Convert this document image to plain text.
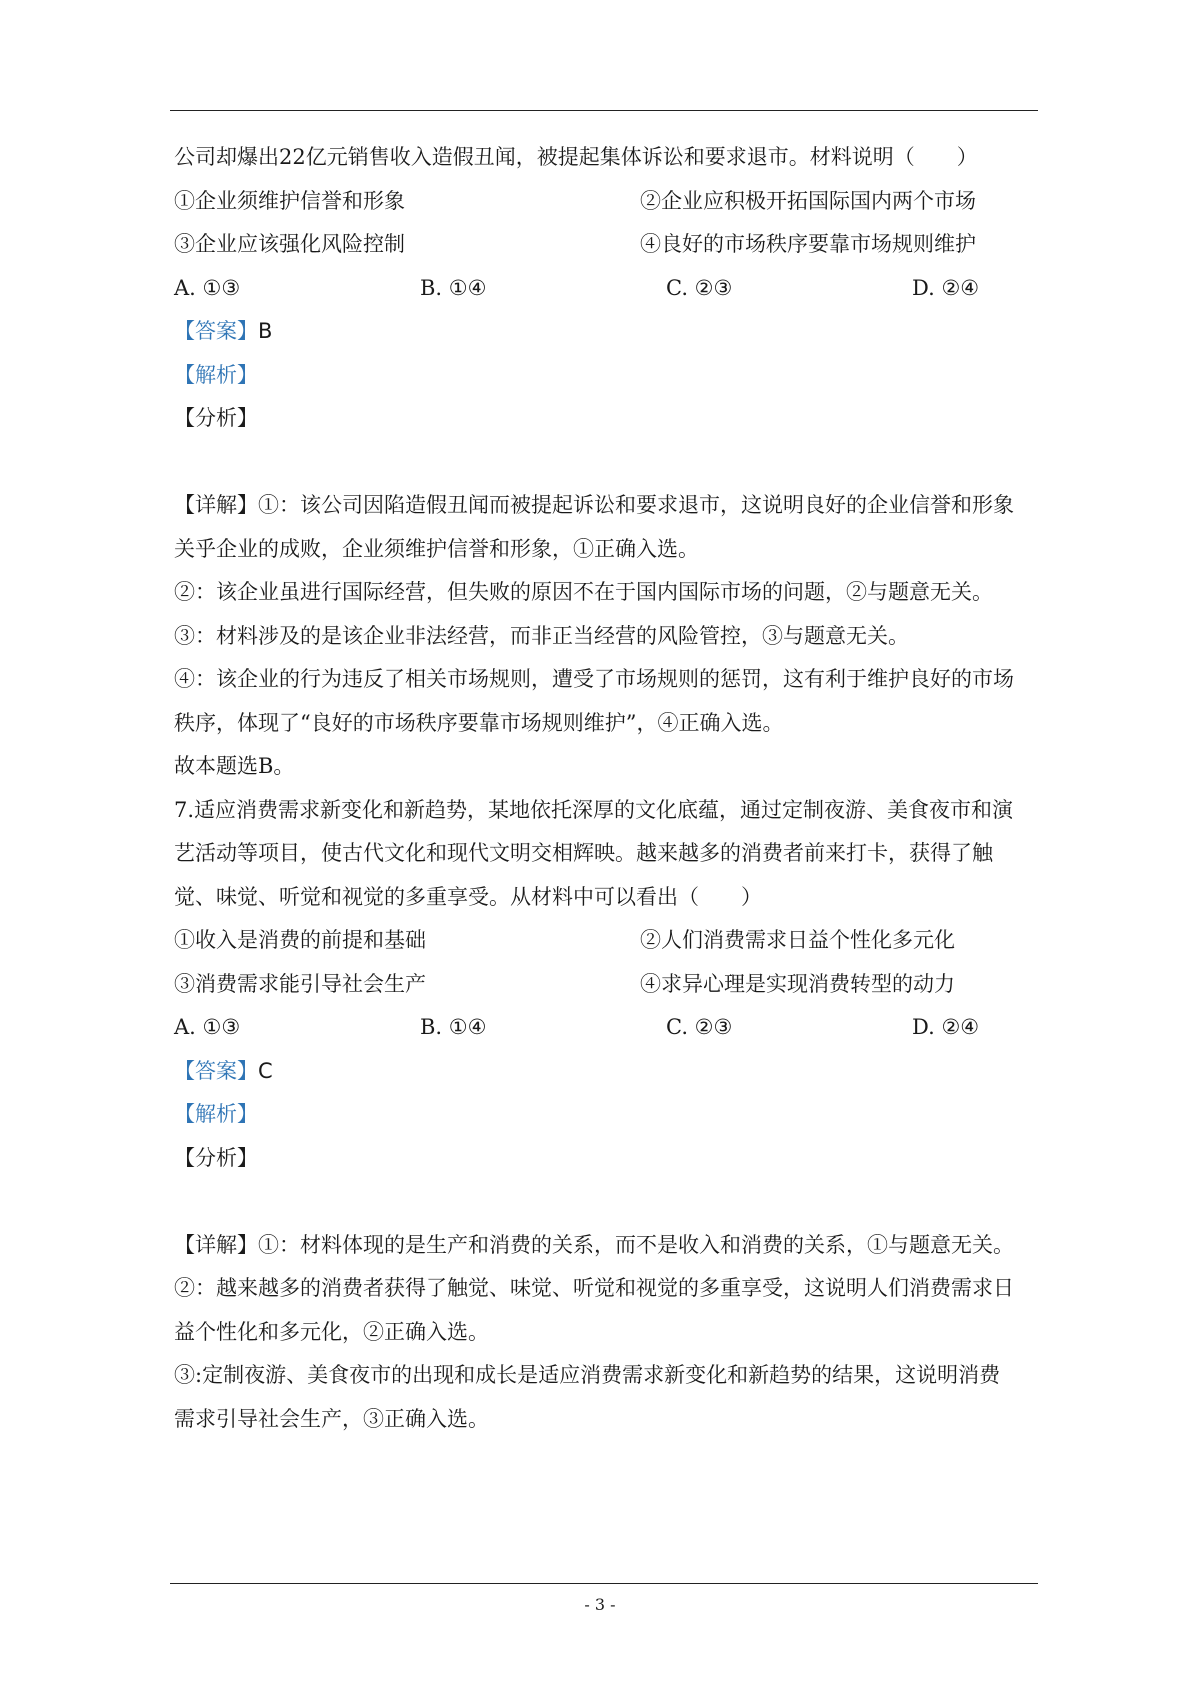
公司却爆出22亿元销售收入造假丑闻，被提起集体诉讼和要求退市。材料说明（　　）
①企业须维护信誉和形象	②企业应积极开拓国际国内两个市场
③企业应该强化风险控制	④良好的市场秩序要靠市场规则维护
A. ①③	B. ①④	C. ②③	D. ②④
【答案】B
【解析】
【分析】
【详解】①：该公司因陷造假丑闻而被提起诉讼和要求退市，这说明良好的企业信誉和形象
关乎企业的成败，企业须维护信誉和形象，①正确入选。
②：该企业虽进行国际经营，但失败的原因不在于国内国际市场的问题，②与题意无关。
③：材料涉及的是该企业非法经营，而非正当经营的风险管控，③与题意无关。
④：该企业的行为违反了相关市场规则，遭受了市场规则的惩罚，这有利于维护良好的市场
秩序，体现了“良好的市场秩序要靠市场规则维护”，④正确入选。
故本题选B。
7.适应消费需求新变化和新趋势，某地依托深厚的文化底蕴，通过定制夜游、美食夜市和演
艺活动等项目，使古代文化和现代文明交相辉映。越来越多的消费者前来打卡，获得了触
觉、味觉、听觉和视觉的多重享受。从材料中可以看出（　　）
①收入是消费的前提和基础	②人们消费需求日益个性化多元化
③消费需求能引导社会生产	④求异心理是实现消费转型的动力
A. ①③	B. ①④	C. ②③	D. ②④
【答案】C
【解析】
【分析】
【详解】①：材料体现的是生产和消费的关系，而不是收入和消费的关系，①与题意无关。
②：越来越多的消费者获得了触觉、味觉、听觉和视觉的多重享受，这说明人们消费需求日
益个性化和多元化，②正确入选。
③:定制夜游、美食夜市的出现和成长是适应消费需求新变化和新趋势的结果，这说明消费
需求引导社会生产，③正确入选。
- 3 -
